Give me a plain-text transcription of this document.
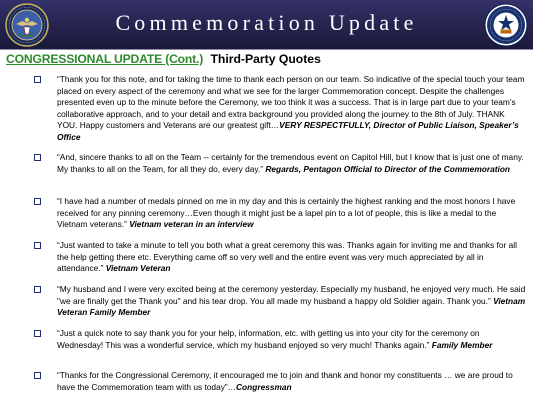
Commemoration Update
CONGRESSIONAL UPDATE (Cont.) Third-Party Quotes

“Thank you for this note, and for taking the time to thank each person on our team. So indicative of the special touch your team placed on every aspect of the ceremony and what we see for the larger Commemoration concept. Despite the challenges presented even up to the minute before the Ceremony, we too think it was a success. That is in large part due to your team’s collaborative approach, and to your detail and extra background you provided along the journey to the 8th of July. THANK YOU. Happy customers and Veterans are our greatest gift…VERY RESPECTFULLY, Director of Public Liaison, Speaker’s Office

“And, sincere thanks to all on the Team -- certainly for the tremendous event on Capitol Hill, but I know that is just one of many. My thanks to all on the Team, for all they do, every day.” Regards, Pentagon Official to Director of the Commemoration

“I have had a number of medals pinned on me in my day and this is certainly the highest ranking and the most honors I have received for any pinning ceremony…Even though it might just be a lapel pin to a lot of people, this is like a medal to the Vietnam veterans.” Vietnam veteran in an interview

“Just wanted to take a minute to tell you both what a great ceremony this was. Thanks again for inviting me and thanks for all the help getting there etc. Everything came off so very well and the entire event was very much appreciated by all in attendance.” Vietnam Veteran

“My husband and I were very excited being at the ceremony yesterday. Especially my husband, he enjoyed very much. He said "we are finally get the Thank you" and his tear drop. You all made my husband a happy old Soldier again. Thank you.” Vietnam Veteran Family Member

“Just a quick note to say thank you for your help, information, etc. with getting us into your city for the ceremony on Wednesday! This was a wonderful service, which my husband enjoyed so very much! Thanks again.” Family Member

“Thanks for the Congressional Ceremony, it encouraged me to join and thank and honor my constituents … we are proud to have the Commemoration team with us today”…Congressman
